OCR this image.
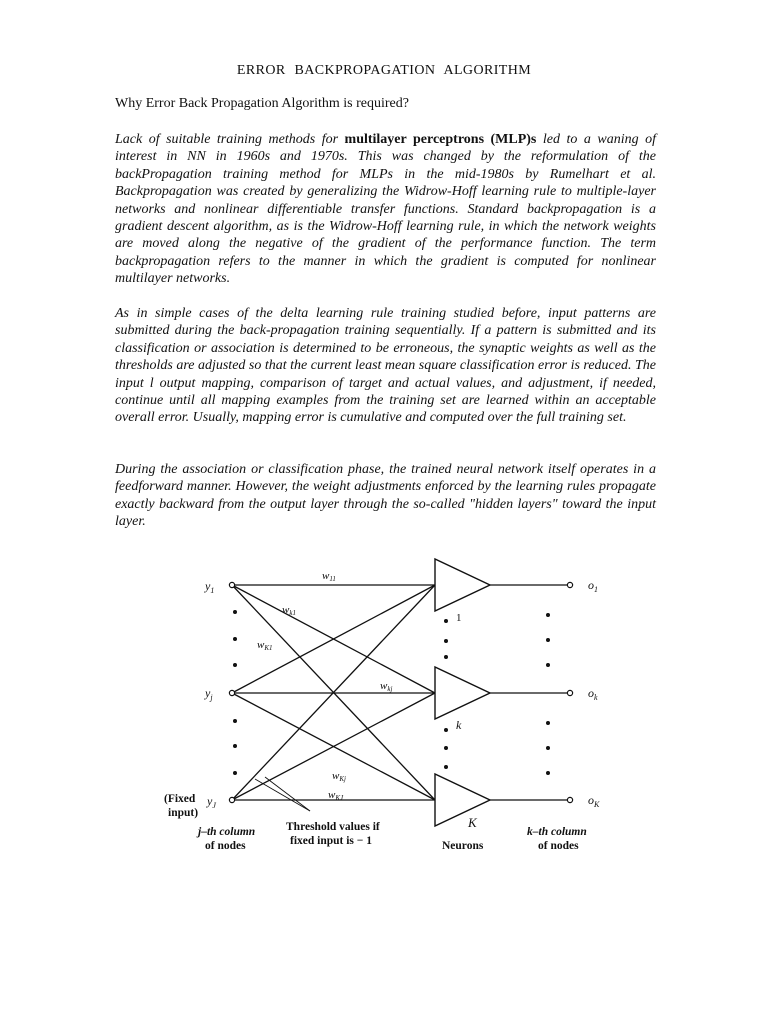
ERROR BACKPROPAGATION ALGORITHM
Why Error Back Propagation Algorithm is required?

Lack of suitable training methods for multilayer perceptrons (MLP)s led to a waning of interest in NN in 1960s and 1970s. This was changed by the reformulation of the backPropagation training method for MLPs in the mid-1980s by Rumelhart et al. Backpropagation was created by generalizing the Widrow-Hoff learning rule to multiple-layer networks and nonlinear differentiable transfer functions. Standard backpropagation is a gradient descent algorithm, as is the Widrow-Hoff learning rule, in which the network weights are moved along the negative of the gradient of the performance function. The term backpropagation refers to the manner in which the gradient is computed for nonlinear multilayer networks.

As in simple cases of the delta learning rule training studied before, input patterns are submitted during the back-propagation training sequentially. If a pattern is submitted and its classification or association is determined to be erroneous, the synaptic weights as well as the thresholds are adjusted so that the current least mean square classification error is reduced. The input l output mapping, comparison of target and actual values, and adjustment, if needed, continue until all mapping examples from the training set are learned within an acceptable overall error. Usually, mapping error is cumulative and computed over the full training set.

During the association or classification phase, the trained neural network itself operates in a feedforward manner. However, the weight adjustments enforced by the learning rules propagate exactly backward from the output layer through the so-called "hidden layers" toward the input layer.

$y_1$
$y_j$
$y_J$
w11
wk1
wK1
wkj
wKj
wKJ
1
k
K
$o_1$
$o_k$
$o_K$
(Fixed
input)
j–th column
of nodes
Threshold values if
fixed input is − 1	Neurons
k–th column
of nodes
